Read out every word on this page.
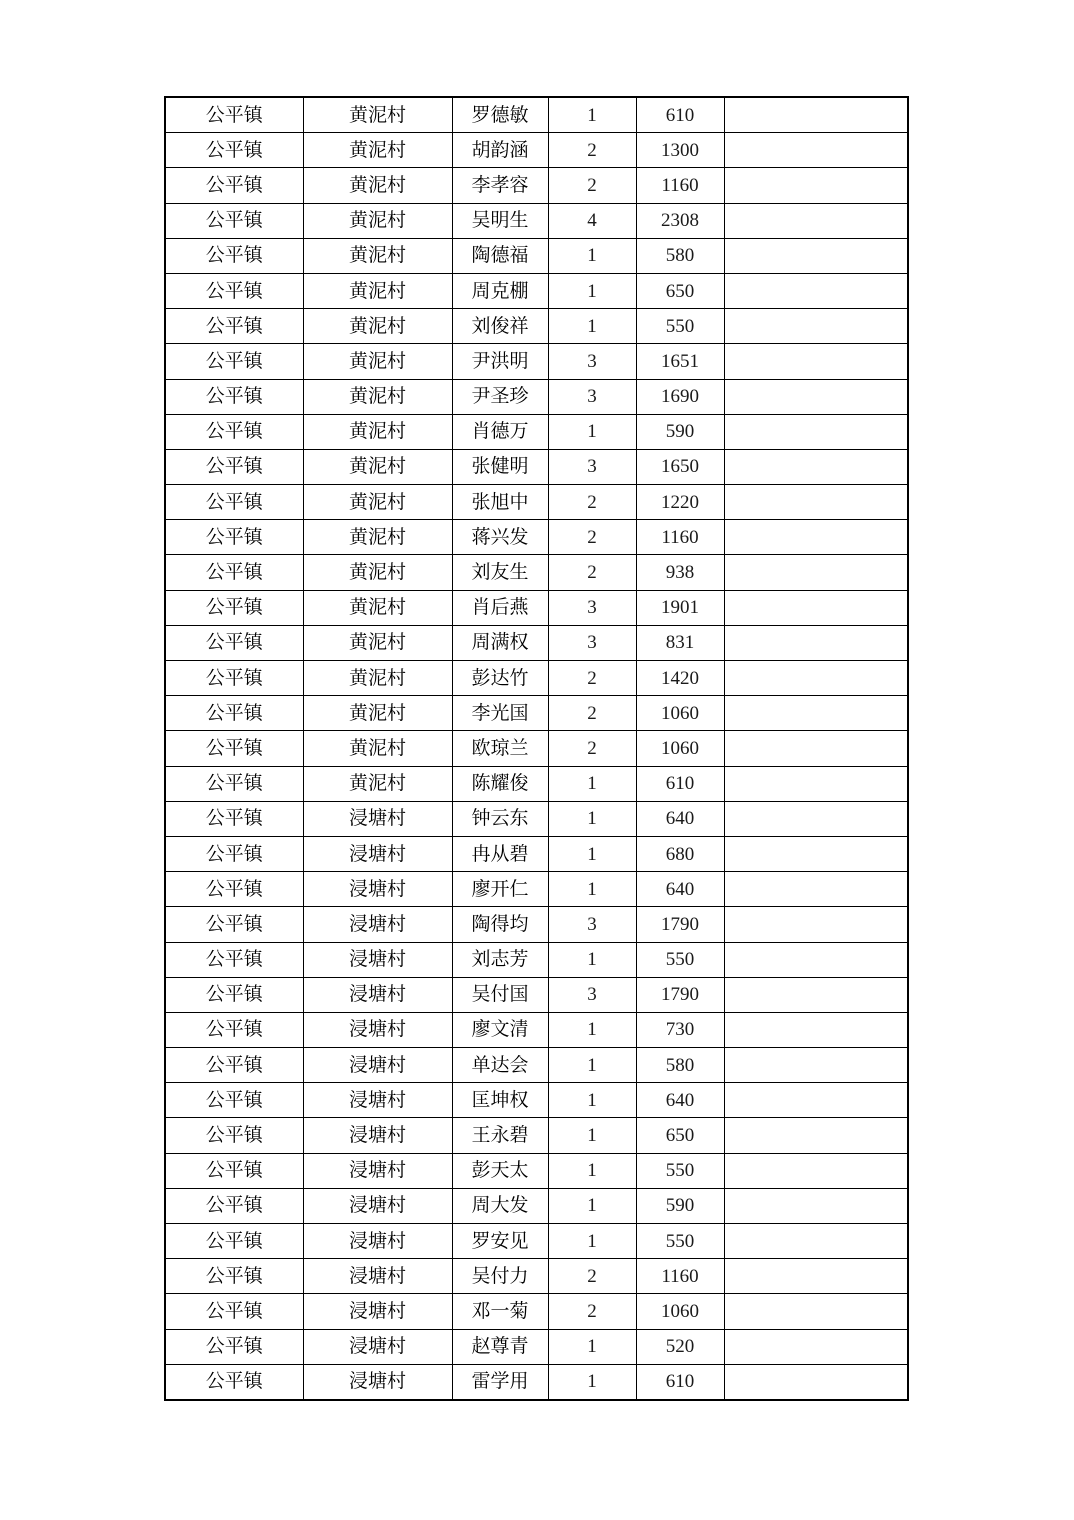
公平镇	黄泥村	罗德敏	1	610	
公平镇	黄泥村	胡韵涵	2	1300	
公平镇	黄泥村	李孝容	2	1160	
公平镇	黄泥村	吴明生	4	2308	
公平镇	黄泥村	陶德福	1	580	
公平镇	黄泥村	周克棚	1	650	
公平镇	黄泥村	刘俊祥	1	550	
公平镇	黄泥村	尹洪明	3	1651	
公平镇	黄泥村	尹圣珍	3	1690	
公平镇	黄泥村	肖德万	1	590	
公平镇	黄泥村	张健明	3	1650	
公平镇	黄泥村	张旭中	2	1220	
公平镇	黄泥村	蒋兴发	2	1160	
公平镇	黄泥村	刘友生	2	938	
公平镇	黄泥村	肖后燕	3	1901	
公平镇	黄泥村	周满权	3	831	
公平镇	黄泥村	彭达竹	2	1420	
公平镇	黄泥村	李光国	2	1060	
公平镇	黄泥村	欧琼兰	2	1060	
公平镇	黄泥村	陈耀俊	1	610	
公平镇	浸塘村	钟云东	1	640	
公平镇	浸塘村	冉从碧	1	680	
公平镇	浸塘村	廖开仁	1	640	
公平镇	浸塘村	陶得均	3	1790	
公平镇	浸塘村	刘志芳	1	550	
公平镇	浸塘村	吴付国	3	1790	
公平镇	浸塘村	廖文清	1	730	
公平镇	浸塘村	单达会	1	580	
公平镇	浸塘村	匡坤权	1	640	
公平镇	浸塘村	王永碧	1	650	
公平镇	浸塘村	彭天太	1	550	
公平镇	浸塘村	周大发	1	590	
公平镇	浸塘村	罗安见	1	550	
公平镇	浸塘村	吴付力	2	1160	
公平镇	浸塘村	邓一菊	2	1060	
公平镇	浸塘村	赵尊青	1	520	
公平镇	浸塘村	雷学用	1	610	
